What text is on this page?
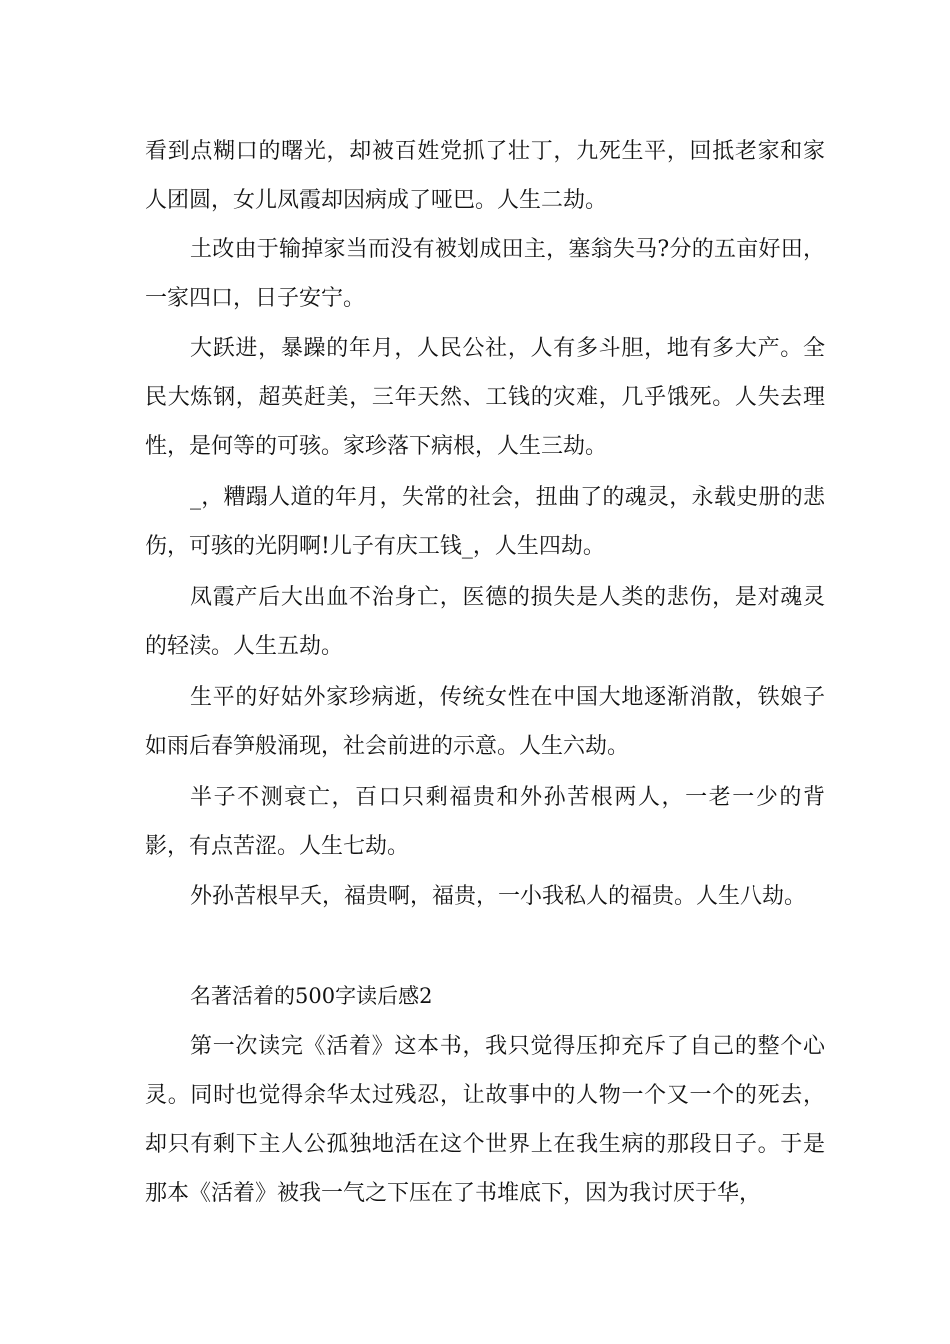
看到点糊口的曙光，却被百姓党抓了壮丁，九死生平，回抵老家和家人团圆，女儿凤霞却因病成了哑巴。人生二劫。

土改由于输掉家当而没有被划成田主，塞翁失马?分的五亩好田，一家四口，日子安宁。

大跃进，暴躁的年月，人民公社，人有多斗胆，地有多大产。全民大炼钢，超英赶美，三年天然、工钱的灾难，几乎饿死。人失去理性，是何等的可骇。家珍落下病根，人生三劫。

_，糟蹋人道的年月，失常的社会，扭曲了的魂灵，永载史册的悲伤，可骇的光阴啊!儿子有庆工钱_，人生四劫。

凤霞产后大出血不治身亡，医德的损失是人类的悲伤，是对魂灵的轻渎。人生五劫。

生平的好姑外家珍病逝，传统女性在中国大地逐渐消散，铁娘子如雨后春笋般涌现，社会前进的示意。人生六劫。

半子不测衰亡，百口只剩福贵和外孙苦根两人，一老一少的背影，有点苦涩。人生七劫。

外孙苦根早夭，福贵啊，福贵，一小我私人的福贵。人生八劫。

名著活着的500字读后感2

第一次读完《活着》这本书，我只觉得压抑充斥了自己的整个心灵。同时也觉得余华太过残忍，让故事中的人物一个又一个的死去，却只有剩下主人公孤独地活在这个世界上在我生病的那段日子。于是那本《活着》被我一气之下压在了书堆底下，因为我讨厌于华，
